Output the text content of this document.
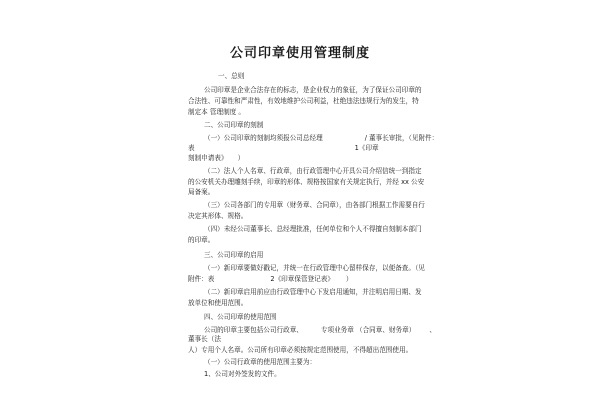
公司印章使用管理制度
一、总则
公司印章是企业合法存在的标志，是企业权力的象征，为了保证公司印章的
合法性、可靠性和严肃性，有效地维护公司利益，杜绝违法违规行为的发生，特
制定本 管理制度 。
二、公司印章的刻制
（一）公司印章的刻制均须报公司总经理	/ 董事长审批，（见附件：
表	1《印章
刻制申请表》 ）
（二）法人个人名章、行政章，由行政管理中心开具公司介绍信统一到指定
的公安机关办理雕刻手续，印章的形体、规格按国家有关规定执行，并经 xx 公安
局备案。
（三）公司各部门的专用章（财务章、合同章），由各部门根据工作需要自行
决定其形体、规格。
（四）未经公司董事长、总经理批准，任何单位和个人不得擅自刻制本部门
的印章。
三、公司印章的启用
（一）新印章要做好戳记，并统一在行政管理中心留样保存，以便备查。（见
附件：表	2《印章保管登记表》 ）
（二）新印章启用前应由行政管理中心下发启用通知，并注明启用日期、发
放单位和使用范围。
四、公司印章的使用范围
公司的印章主要包括公司行政章、	专项业务章 （合同章、财务章） 、
董事长（法
人）专用个人名章。公司所有印章必须按规定范围使用，不得超出范围使用。
（一）公司行政章的使用范围主要为：
1、公司对外签发的文件。
